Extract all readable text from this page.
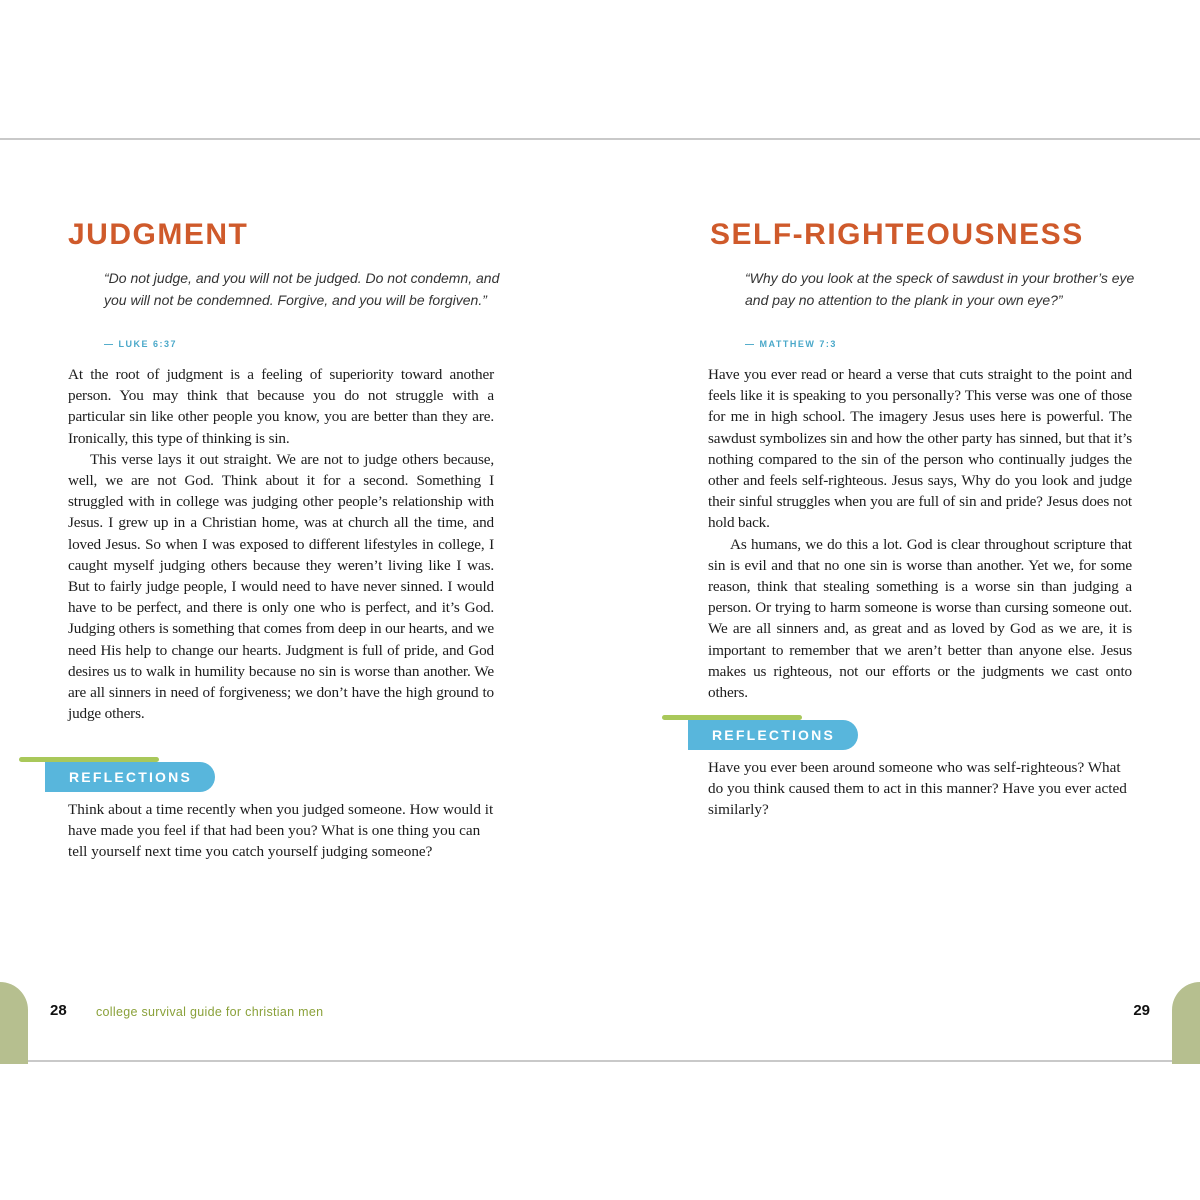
JUDGMENT

“Do not judge, and you will not be judged. Do not condemn, and you will not be condemned. Forgive, and you will be forgiven.”

— LUKE 6:37

At the root of judgment is a feeling of superiority toward another person. You may think that because you do not struggle with a particular sin like other people you know, you are better than they are. Ironically, this type of thinking is sin.

This verse lays it out straight. We are not to judge others because, well, we are not God. Think about it for a second. Something I struggled with in college was judging other people’s relationship with Jesus. I grew up in a Christian home, was at church all the time, and loved Jesus. So when I was exposed to different lifestyles in college, I caught myself judging others because they weren’t living like I was. But to fairly judge people, I would need to have never sinned. I would have to be perfect, and there is only one who is perfect, and it’s God. Judging others is something that comes from deep in our hearts, and we need His help to change our hearts. Judgment is full of pride, and God desires us to walk in humility because no sin is worse than another. We are all sinners in need of forgiveness; we don’t have the high ground to judge others.

REFLECTIONS

Think about a time recently when you judged someone. How would it have made you feel if that had been you? What is one thing you can tell yourself next time you catch yourself judging someone?

28 college survival guide for christian men
SELF-RIGHTEOUSNESS

“Why do you look at the speck of sawdust in your brother’s eye and pay no attention to the plank in your own eye?”

— MATTHEW 7:3

Have you ever read or heard a verse that cuts straight to the point and feels like it is speaking to you personally? This verse was one of those for me in high school. The imagery Jesus uses here is powerful. The sawdust symbolizes sin and how the other party has sinned, but that it’s nothing compared to the sin of the person who continually judges the other and feels self-righteous. Jesus says, Why do you look and judge their sinful struggles when you are full of sin and pride? Jesus does not hold back.

As humans, we do this a lot. God is clear throughout scripture that sin is evil and that no one sin is worse than another. Yet we, for some reason, think that stealing something is a worse sin than judging a person. Or trying to harm someone is worse than cursing someone out. We are all sinners and, as great and as loved by God as we are, it is important to remember that we aren’t better than anyone else. Jesus makes us righteous, not our efforts or the judgments we cast onto others.

REFLECTIONS

Have you ever been around someone who was self-righteous? What do you think caused them to act in this manner? Have you ever acted similarly?

29
